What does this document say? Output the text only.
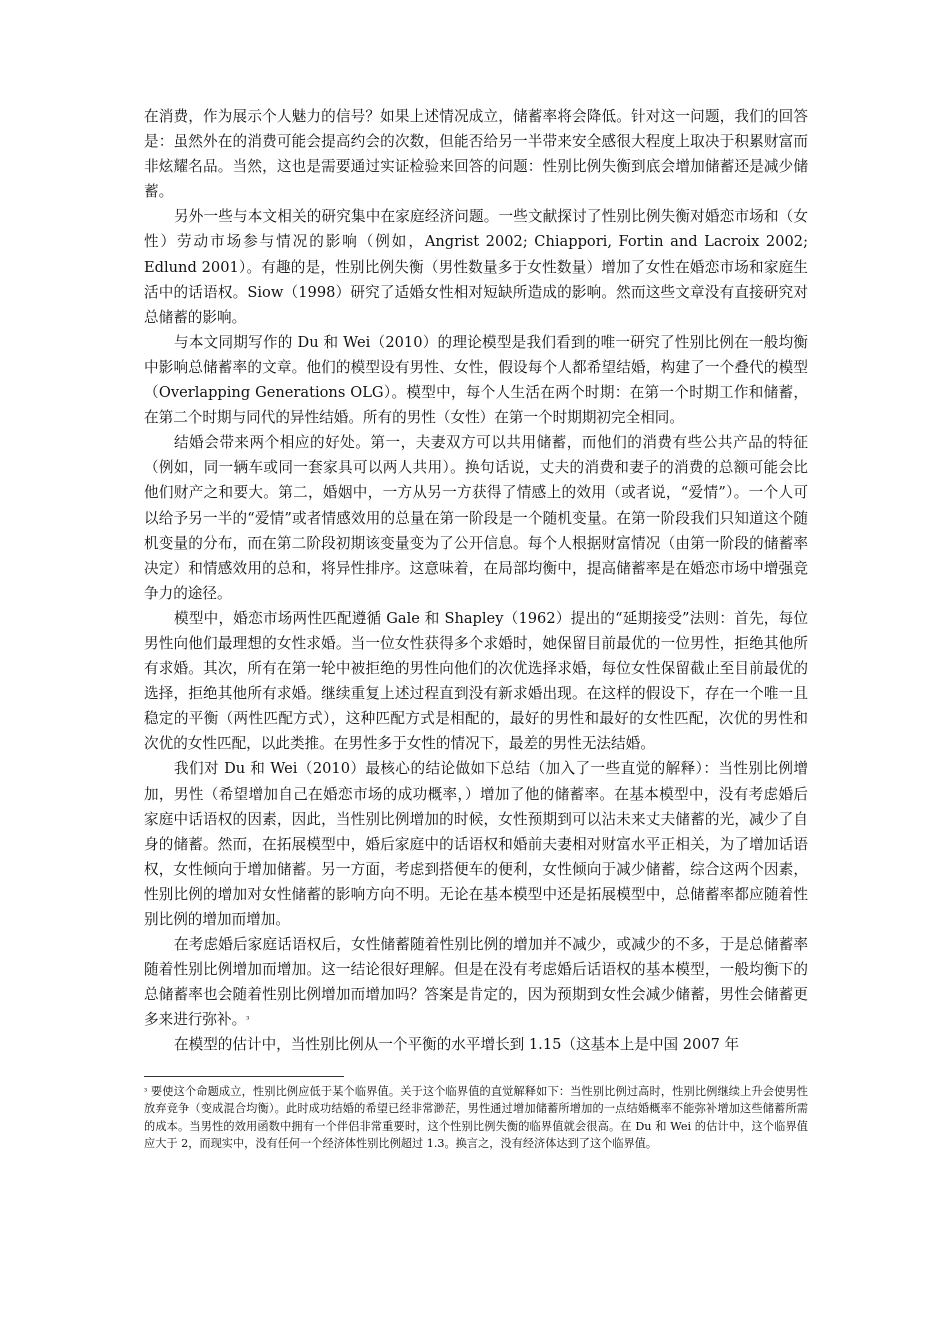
在消费，作为展示个人魅力的信号？如果上述情况成立，储蓄率将会降低。针对这一问题，我们的回答是：虽然外在的消费可能会提高约会的次数，但能否给另一半带来安全感很大程度上取决于积累财富而非炫耀名品。当然，这也是需要通过实证检验来回答的问题：性别比例失衡到底会增加储蓄还是减少储蓄。

另外一些与本文相关的研究集中在家庭经济问题。一些文献探讨了性别比例失衡对婚恋市场和（女性）劳动市场参与情况的影响（例如，Angrist 2002; Chiappori, Fortin and Lacroix 2002; Edlund 2001）。有趣的是，性别比例失衡（男性数量多于女性数量）增加了女性在婚恋市场和家庭生活中的话语权。Siow（1998）研究了适婚女性相对短缺所造成的影响。然而这些文章没有直接研究对总储蓄的影响。

与本文同期写作的 Du 和 Wei（2010）的理论模型是我们看到的唯一研究了性别比例在一般均衡中影响总储蓄率的文章。他们的模型设有男性、女性，假设每个人都希望结婚，构建了一个叠代的模型（Overlapping Generations OLG）。模型中，每个人生活在两个时期：在第一个时期工作和储蓄，在第二个时期与同代的异性结婚。所有的男性（女性）在第一个时期期初完全相同。

结婚会带来两个相应的好处。第一，夫妻双方可以共用储蓄，而他们的消费有些公共产品的特征（例如，同一辆车或同一套家具可以两人共用）。换句话说，丈夫的消费和妻子的消费的总额可能会比他们财产之和要大。第二，婚姻中，一方从另一方获得了情感上的效用（或者说，“爱情”）。一个人可以给予另一半的“爱情”或者情感效用的总量在第一阶段是一个随机变量。在第一阶段我们只知道这个随机变量的分布，而在第二阶段初期该变量变为了公开信息。每个人根据财富情况（由第一阶段的储蓄率决定）和情感效用的总和，将异性排序。这意味着，在局部均衡中，提高储蓄率是在婚恋市场中增强竞争力的途径。

模型中，婚恋市场两性匹配遵循 Gale 和 Shapley（1962）提出的“延期接受”法则：首先，每位男性向他们最理想的女性求婚。当一位女性获得多个求婚时，她保留目前最优的一位男性，拒绝其他所有求婚。其次，所有在第一轮中被拒绝的男性向他们的次优选择求婚，每位女性保留截止至目前最优的选择，拒绝其他所有求婚。继续重复上述过程直到没有新求婚出现。在这样的假设下，存在一个唯一且稳定的平衡（两性匹配方式），这种匹配方式是相配的，最好的男性和最好的女性匹配，次优的男性和次优的女性匹配，以此类推。在男性多于女性的情况下，最差的男性无法结婚。

我们对 Du 和 Wei（2010）最核心的结论做如下总结（加入了一些直觉的解释）：当性别比例增加，男性（希望增加自己在婚恋市场的成功概率，）增加了他的储蓄率。在基本模型中，没有考虑婚后家庭中话语权的因素，因此，当性别比例增加的时候，女性预期到可以沾未来丈夫储蓄的光，减少了自身的储蓄。然而，在拓展模型中，婚后家庭中的话语权和婚前夫妻相对财富水平正相关，为了增加话语权，女性倾向于增加储蓄。另一方面，考虑到搭便车的便利，女性倾向于减少储蓄，综合这两个因素，性别比例的增加对女性储蓄的影响方向不明。无论在基本模型中还是拓展模型中，总储蓄率都应随着性别比例的增加而增加。

在考虑婚后家庭话语权后，女性储蓄随着性别比例的增加并不减少，或减少的不多，于是总储蓄率随着性别比例增加而增加。这一结论很好理解。但是在没有考虑婚后话语权的基本模型，一般均衡下的总储蓄率也会随着性别比例增加而增加吗？答案是肯定的，因为预期到女性会减少储蓄，男性会储蓄更多来进行弥补。$^{^3}$

在模型的估计中，当性别比例从一个平衡的水平增长到 1.15（这基本上是中国 2007 年

$^{^3}$ 要使这个命题成立，性别比例应低于某个临界值。关于这个临界值的直觉解释如下：当性别比例过高时，性别比例继续上升会使男性放弃竞争（变成混合均衡）。此时成功结婚的希望已经非常渺茫，男性通过增加储蓄所增加的一点结婚概率不能弥补增加这些储蓄所需的成本。当男性的效用函数中拥有一个伴侣非常重要时，这个性别比例失衡的临界值就会很高。在 Du 和 Wei 的估计中，这个临界值应大于 2，而现实中，没有任何一个经济体性别比例超过 1.3。换言之，没有经济体达到了这个临界值。
